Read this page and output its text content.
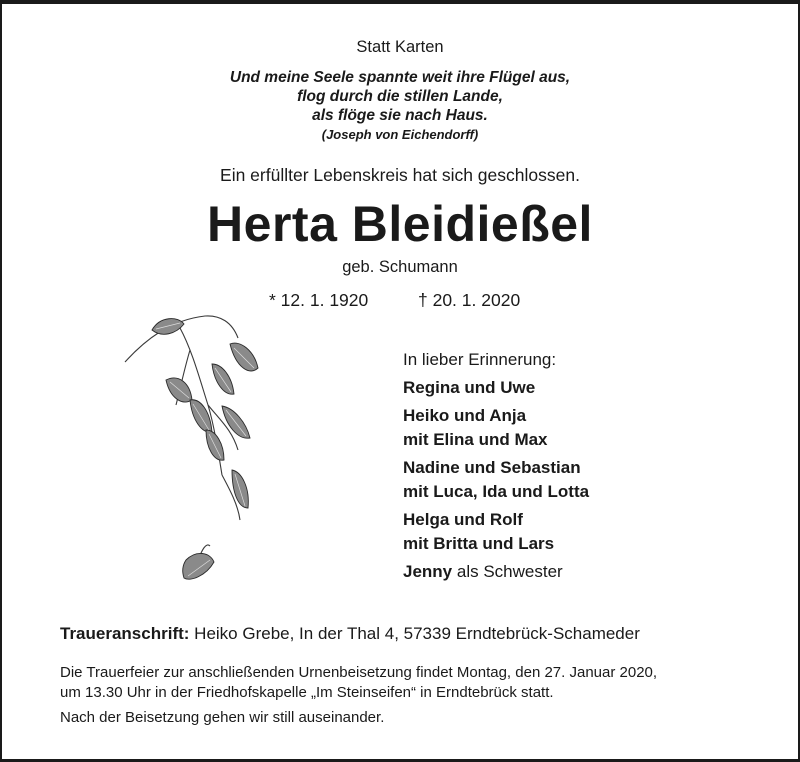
Statt Karten
Und meine Seele spannte weit ihre Flügel aus,
flog durch die stillen Lande,
als flöge sie nach Haus.
(Joseph von Eichendorff)
Ein erfüllter Lebenskreis hat sich geschlossen.
Herta Bleidießel
geb. Schumann
* 12. 1. 1920	† 20. 1. 2020
In lieber Erinnerung:
Regina und Uwe
Heiko und Anja
mit Elina und Max
Nadine und Sebastian
mit Luca, Ida und Lotta
Helga und Rolf
mit Britta und Lars
Jenny als Schwester
Traueranschrift: Heiko Grebe, In der Thal 4, 57339 Erndtebrück-Schameder
Die Trauerfeier zur anschließenden Urnenbeisetzung findet Montag, den 27. Januar 2020,
um 13.30 Uhr in der Friedhofskapelle „Im Steinseifen“ in Erndtebrück statt.
Nach der Beisetzung gehen wir still auseinander.
